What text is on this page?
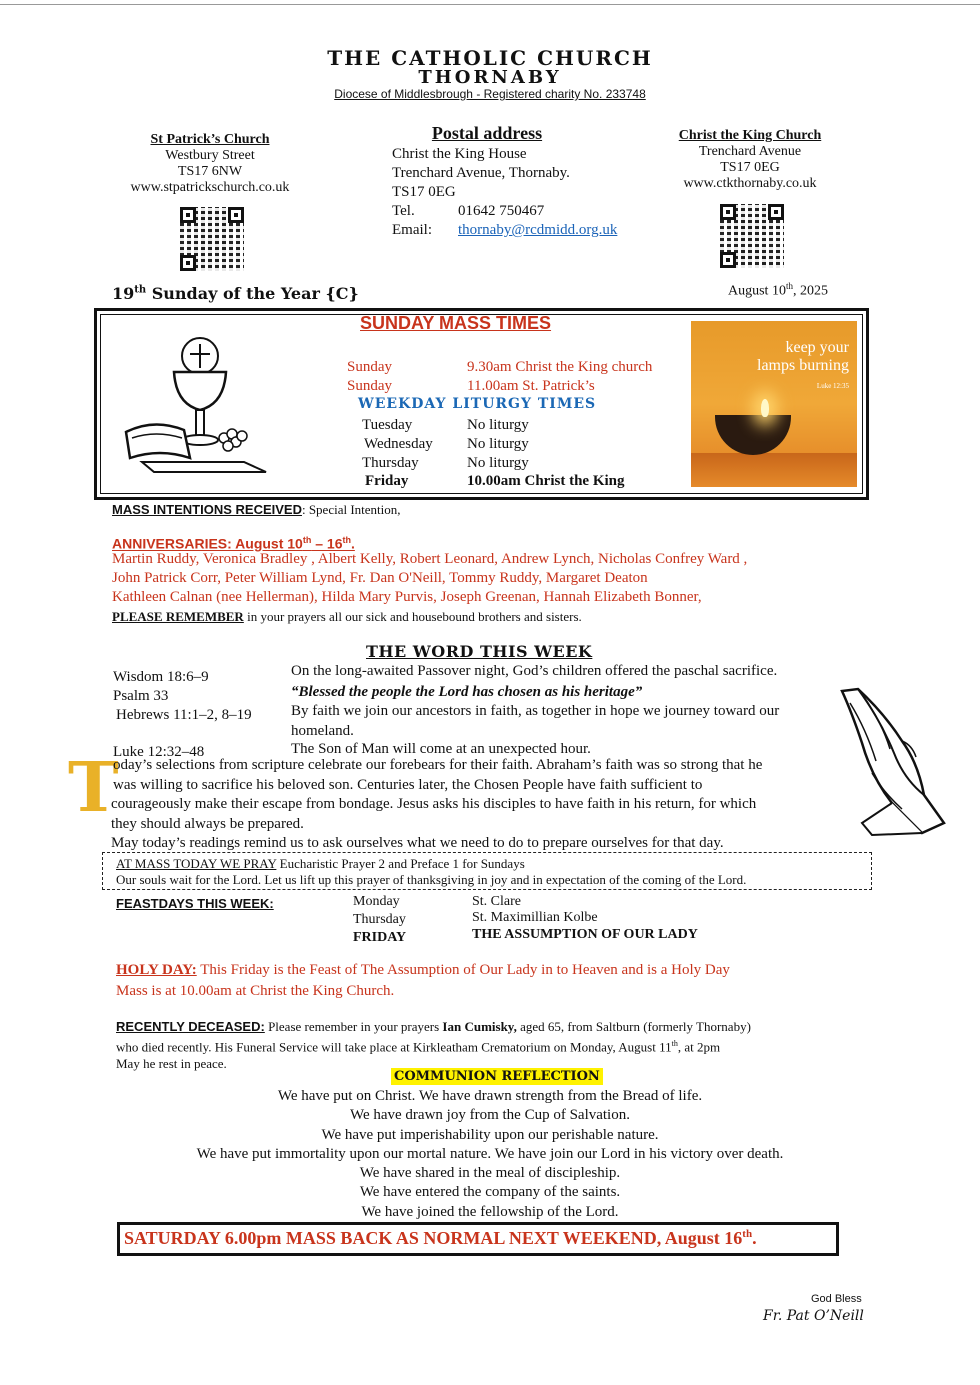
THE CATHOLIC CHURCH
THORNABY
Diocese of Middlesbrough - Registered charity No. 233748
St Patrick’s Church
Westbury Street
TS17 6NW
www.stpatrickschurch.co.uk
Postal address
Christ the King House
Trenchard Avenue, Thornaby.
TS17 0EG
Tel.	01642 750467
Email: thornaby@rcdmidd.org.uk
Christ the King Church
Trenchard Avenue
TS17 0EG
www.ctkthornaby.co.uk
19th Sunday of the Year {C}	August 10th, 2025
SUNDAY MASS TIMES
Sunday	9.30am Christ the King church
Sunday	11.00am St. Patrick’s
WEEKDAY LITURGY TIMES
Tuesday	No liturgy
Wednesday No liturgy
Thursday	No liturgy
Friday	10.00am Christ the King
keep your
lamps burning
Luke 12:35
MASS INTENTIONS RECEIVED: Special Intention,
ANNIVERSARIES: August 10th – 16th.
Martin Ruddy, Veronica Bradley , Albert Kelly, Robert Leonard, Andrew Lynch, Nicholas Confrey Ward ,
John Patrick Corr, Peter William Lynd, Fr. Dan O'Neill, Tommy Ruddy, Margaret Deaton
Kathleen Calnan (nee Hellerman), Hilda Mary Purvis, Joseph Greenan, Hannah Elizabeth Bonner,
PLEASE REMEMBER in your prayers all our sick and housebound brothers and sisters.
THE WORD THIS WEEK
Wisdom 18:6–9	On the long-awaited Passover night, God’s children offered the paschal sacrifice.
Psalm 33	“Blessed the people the Lord has chosen as his heritage”
Hebrews 11:1–2, 8–19	By faith we join our ancestors in faith, as together in hope we journey toward our
homeland.
Luke 12:32–48	The Son of Man will come at an unexpected hour.
T
oday’s selections from scripture celebrate our forebears for their faith. Abraham’s faith was so strong that he
was willing to sacrifice his beloved son. Centuries later, the Chosen People have faith sufficient to
courageously make their escape from bondage. Jesus asks his disciples to have faith in his return, for which
they should always be prepared.
May today’s readings remind us to ask ourselves what we need to do to prepare ourselves for that day.
AT MASS TODAY WE PRAY Eucharistic Prayer 2 and Preface 1 for Sundays
Our souls wait for the Lord. Let us lift up this prayer of thanksgiving in joy and in expectation of the coming of the Lord.
FEASTDAYS THIS WEEK:	Monday	St. Clare
Thursday	St. Maximillian Kolbe
FRIDAY	THE ASSUMPTION OF OUR LADY
HOLY DAY: This Friday is the Feast of The Assumption of Our Lady in to Heaven and is a Holy Day
Mass is at 10.00am at Christ the King Church.
RECENTLY DECEASED: Please remember in your prayers Ian Cumisky, aged 65, from Saltburn (formerly Thornaby)
who died recently. His Funeral Service will take place at Kirkleatham Crematorium on Monday, August 11th, at 2pm
May he rest in peace.
COMMUNION REFLECTION
We have put on Christ. We have drawn strength from the Bread of life.
We have drawn joy from the Cup of Salvation.
We have put imperishability upon our perishable nature.
We have put immortality upon our mortal nature. We have join our Lord in his victory over death.
We have shared in the meal of discipleship.
We have entered the company of the saints.
We have joined the fellowship of the Lord.
SATURDAY 6.00pm MASS BACK AS NORMAL NEXT WEEKEND, August 16th.
God Bless
Fr. Pat O’Neill
